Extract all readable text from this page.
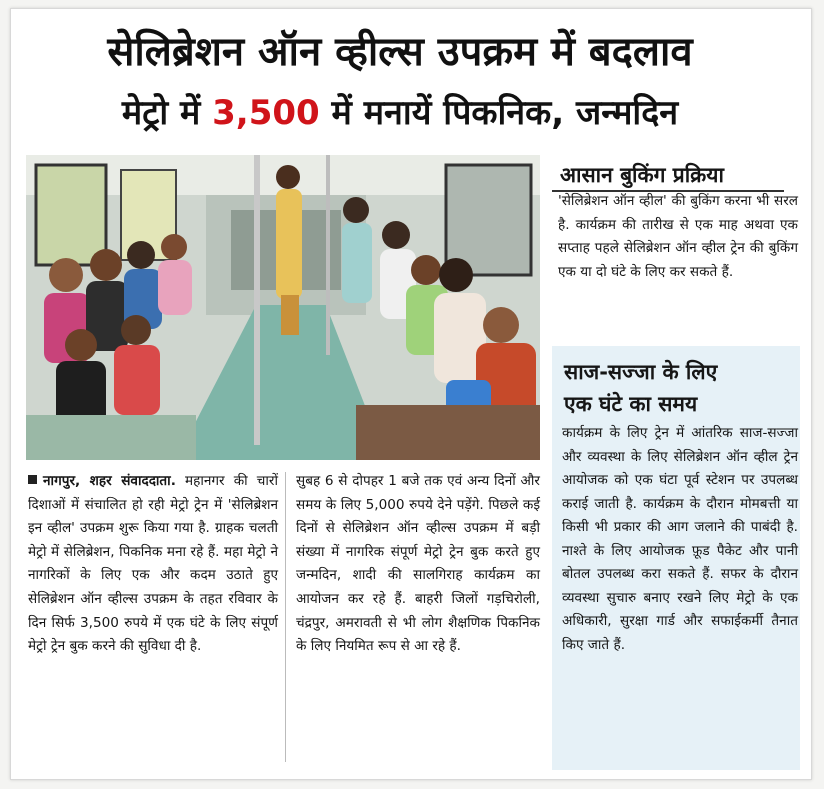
सेलिब्रेशन ऑन व्हील्स उपक्रम में बदलाव
मेट्रो में 3,500 में मनायें पिकनिक, जन्मदिन
आसान बुकिंग प्रक्रिया
'सेलिब्रेशन ऑन व्हील' की बुकिंग करना भी सरल है. कार्यक्रम की तारीख से एक माह अथवा एक सप्ताह पहले सेलिब्रेशन ऑन व्हील ट्रेन की बुकिंग एक या दो घंटे के लिए कर सकते हैं.
साज-सज्जा के लिए
एक घंटे का समय
कार्यक्रम के लिए ट्रेन में आंतरिक साज-सज्जा और व्यवस्था के लिए सेलिब्रेशन ऑन व्हील ट्रेन आयोजक को एक घंटा पूर्व स्टेशन पर उपलब्ध कराई जाती है. कार्यक्रम के दौरान मोमबत्ती या किसी भी प्रकार की आग जलाने की पाबंदी है. नाश्ते के लिए आयोजक फ़ूड पैकेट और पानी बोतल उपलब्ध करा सकते हैं. सफर के दौरान व्यवस्था सुचारु बनाए रखने लिए मेट्रो के एक अधिकारी, सुरक्षा गार्ड और सफाईकर्मी तैनात किए जाते हैं.
नागपुर, शहर संवाददाता. महानगर की चारों दिशाओं में संचालित हो रही मेट्रो ट्रेन में 'सेलिब्रेशन इन व्हील' उपक्रम शुरू किया गया है. ग्राहक चलती मेट्रो में सेलिब्रेशन, पिकनिक मना रहे हैं. महा मेट्रो ने नागरिकों के लिए एक और कदम उठाते हुए सेलिब्रेशन ऑन व्हील्स उपक्रम के तहत रविवार के दिन सिर्फ 3,500 रुपये में एक घंटे के लिए संपूर्ण मेट्रो ट्रेन बुक करने की सुविधा दी है.
सुबह 6 से दोपहर 1 बजे तक एवं अन्य दिनों और समय के लिए 5,000 रुपये देने पड़ेंगे. पिछले कई दिनों से सेलिब्रेशन ऑन व्हील्स उपक्रम में बड़ी संख्या में नागरिक संपूर्ण मेट्रो ट्रेन बुक करते हुए जन्मदिन, शादी की सालगिराह कार्यक्रम का आयोजन कर रहे हैं. बाहरी जिलों गड़चिरोली, चंद्रपुर, अमरावती से भी लोग शैक्षणिक पिकनिक के लिए नियमित रूप से आ रहे हैं.
